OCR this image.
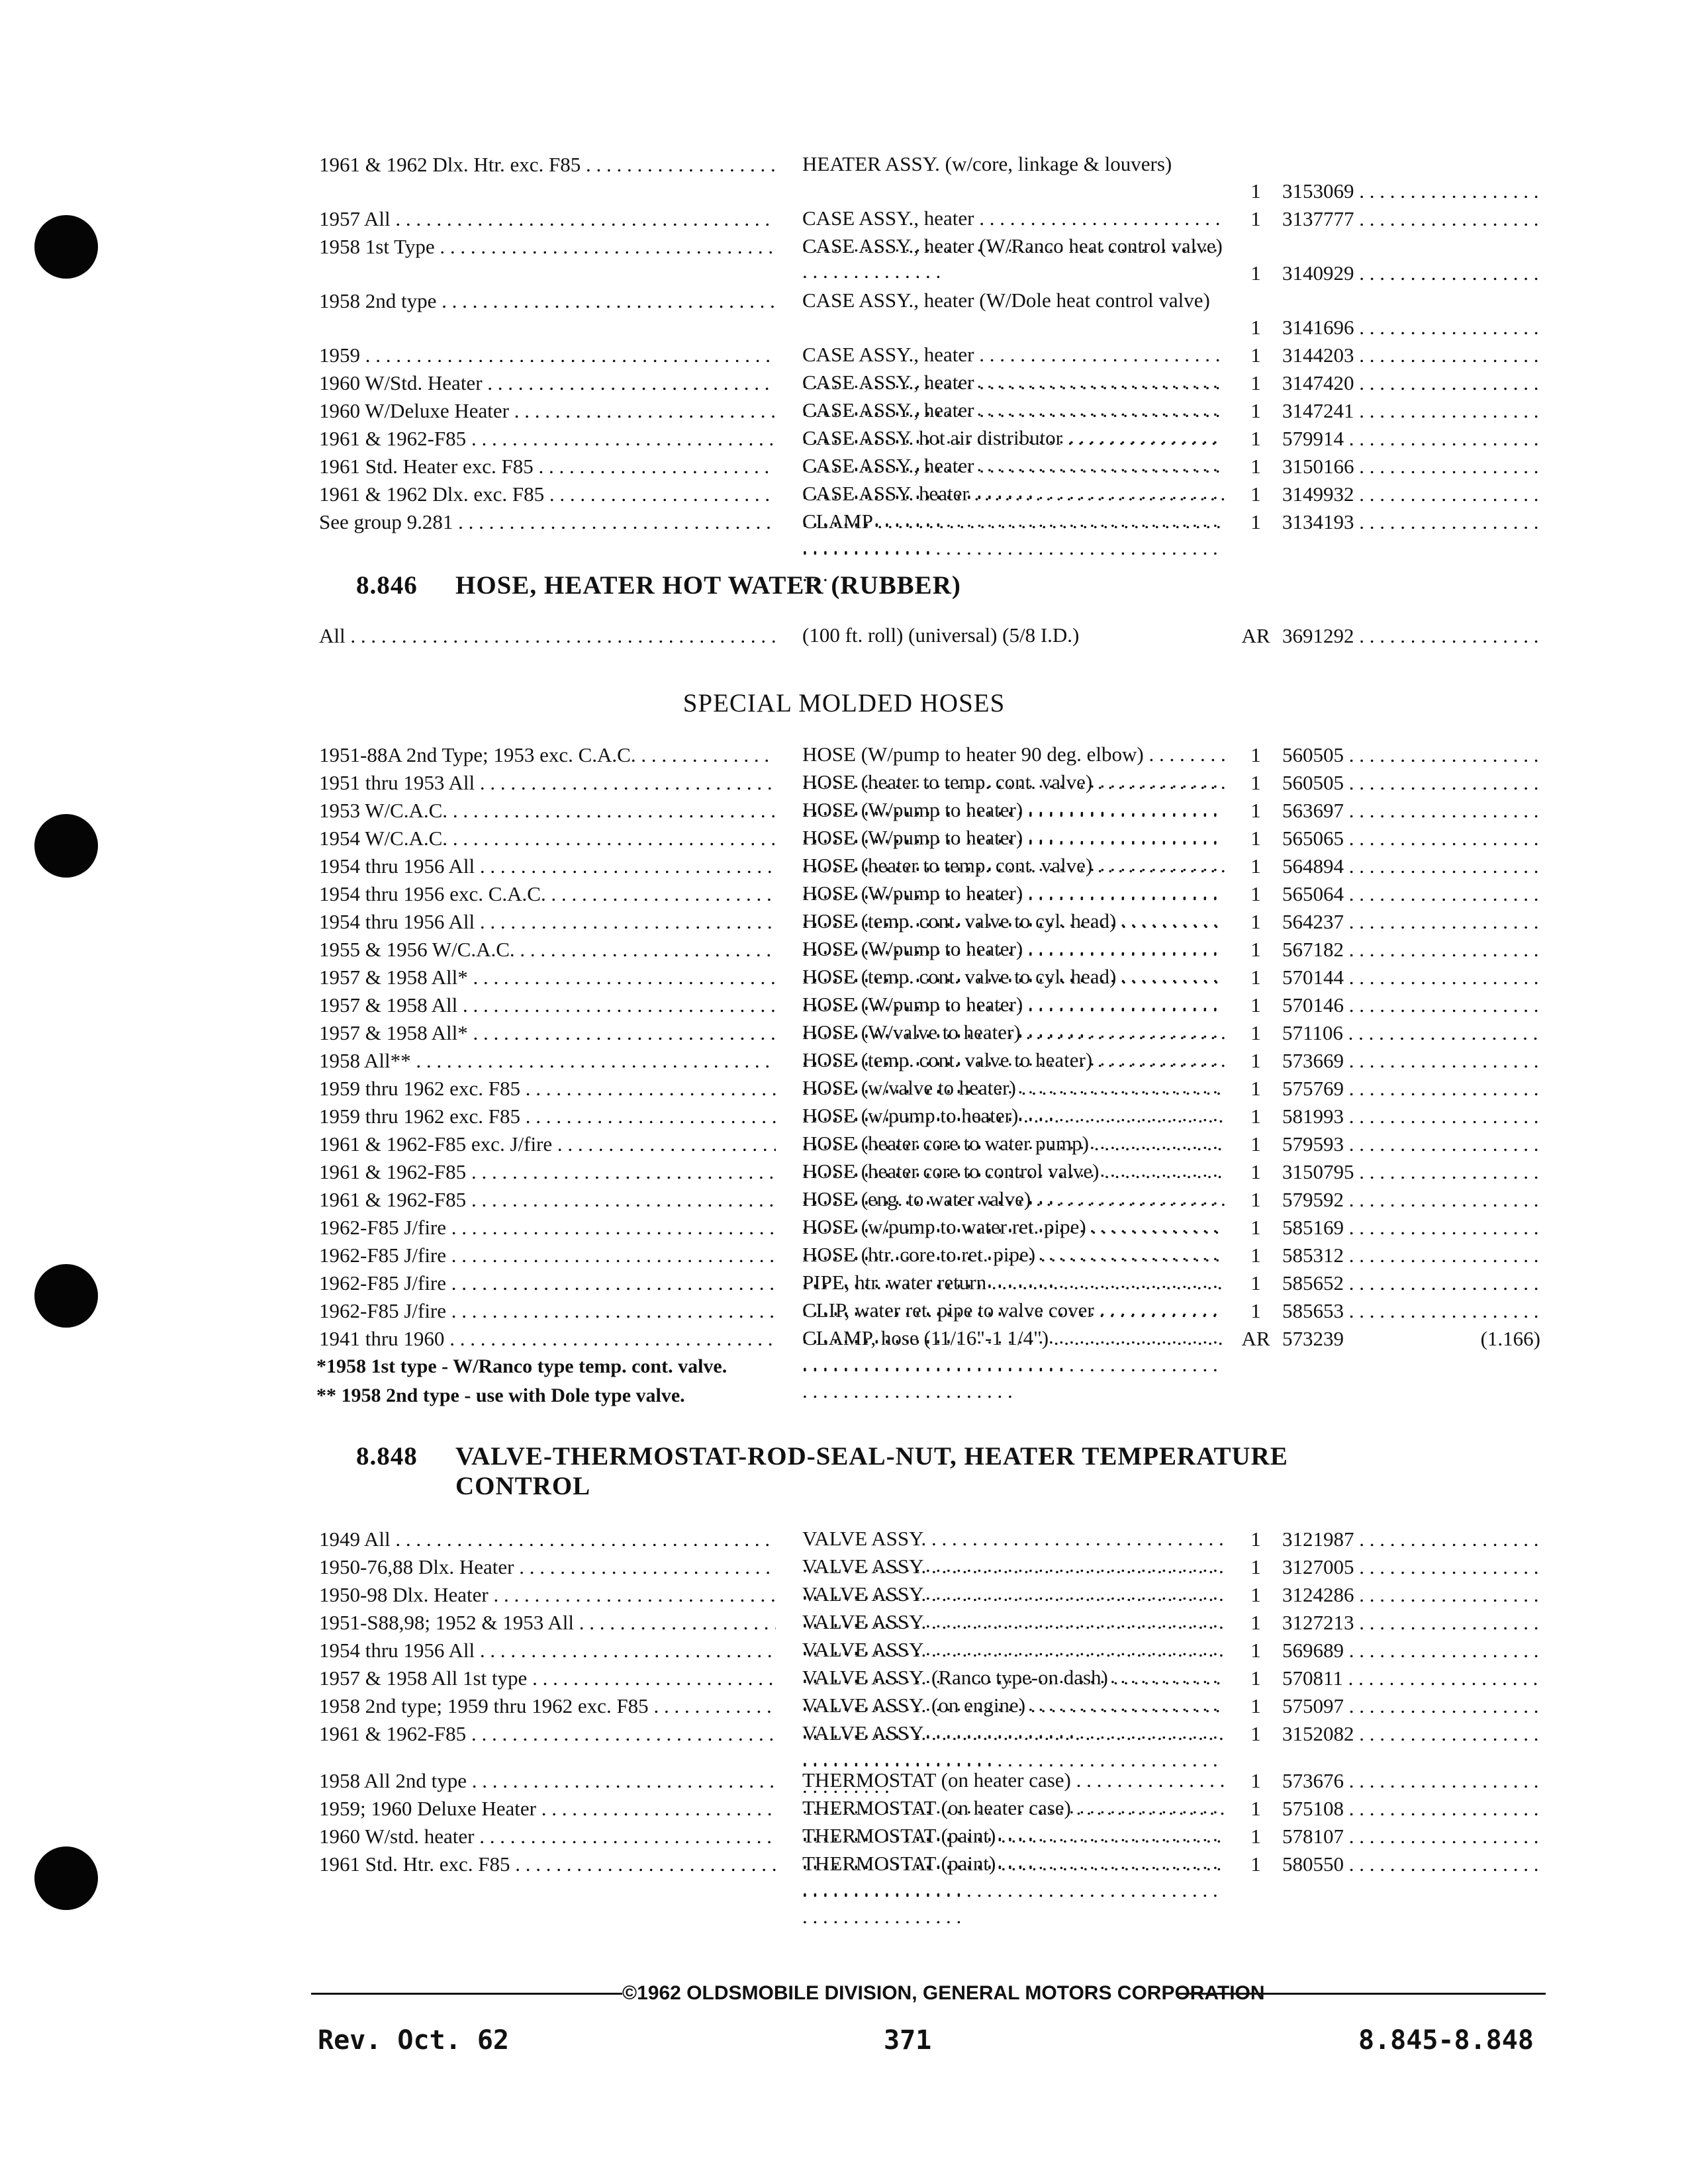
1961 & 1962 Dlx. Htr. exc. F85 . . .	HEATER ASSY. (w/core, linkage & louvers)
1	3153069 . . .
1957 All . . .	CASE ASSY., heater . . .	1	3137777 . . .
1958 1st Type . . .	CASE ASSY., heater (W/Ranco heat control valve)
1	3140929 . . .
1958 2nd type . . .	CASE ASSY., heater (W/Dole heat control valve)
1	3141696 . . .
1959 . . .	CASE ASSY., heater . . .	1	3144203 . . .
1960 W/Std. Heater . . .	CASE ASSY., heater . . .	1	3147420 . . .
1960 W/Deluxe Heater . . .	CASE ASSY., heater . . .	1	3147241 . . .
1961 & 1962-F85 . . .	CASE ASSY. hot air distributor . . .	1	579914 . . .
1961 Std. Heater exc. F85 . . .	CASE ASSY., heater . . .	1	3150166 . . .
1961 & 1962 Dlx. exc. F85 . . .	CASE ASSY. heater . . .	1	3149932 . . .
See group 9.281 . . .	CLAMP . . .	1	3134193 . . .
8.846 HOSE, HEATER HOT WATER (RUBBER)
All . . .	(100 ft. roll) (universal) (5/8 I.D.)	AR 3691292 . . .
SPECIAL MOLDED HOSES
1951-88A 2nd Type; 1953 exc. C.A.C. . . .	HOSE (W/pump to heater 90 deg. elbow) . . .	1	560505 . . .
1951 thru 1953 All . . .	HOSE (heater to temp. cont. valve) . . .	1	560505 . . .
1953 W/C.A.C. . . .	HOSE (W/pump to heater) . . .	1	563697 . . .
1954 W/C.A.C. . . .	HOSE (W/pump to heater) . . .	1	565065 . . .
1954 thru 1956 All . . .	HOSE (heater to temp. cont. valve) . . .	1	564894 . . .
1954 thru 1956 exc. C.A.C. . . .	HOSE (W/pump to heater) . . .	1	565064 . . .
1954 thru 1956 All . . .	HOSE (temp. cont. valve to cyl. head) . . .	1	564237 . . .
1955 & 1956 W/C.A.C. . . .	HOSE (W/pump to heater) . . .	1	567182 . . .
1957 & 1958 All* . . .	HOSE (temp. cont. valve to cyl. head) . . .	1	570144 . . .
1957 & 1958 All . . .	HOSE (W/pump to heater) . . .	1	570146 . . .
1957 & 1958 All* . . .	HOSE (W/valve to heater) . . .	1	571106 . . .
1958 All** . . .	HOSE (temp. cont. valve to heater) . . .	1	573669 . . .
1959 thru 1962 exc. F85 . . .	HOSE (w/valve to heater) . . .	1	575769 . . .
1959 thru 1962 exc. F85 . . .	HOSE (w/pump to heater) . . .	1	581993 . . .
1961 & 1962-F85 exc. J/fire . . .	HOSE (heater core to water pump) . . .	1	579593 . . .
1961 & 1962-F85 . . .	HOSE (heater core to control valve) . . .	1	3150795 . . .
1961 & 1962-F85 . . .	HOSE (eng. to water valve) . . .	1	579592 . . .
1962-F85 J/fire . . .	HOSE (w/pump to water ret. pipe) . . .	1	585169 . . .
1962-F85 J/fire . . .	HOSE (htr. core to ret. pipe) . . .	1	585312 . . .
1962-F85 J/fire . . .	PIPE, htr. water return . . .	1	585652 . . .
1962-F85 J/fire . . .	CLIP, water ret. pipe to valve cover . . .	1	585653 . . .
1941 thru 1960 . . .	CLAMP, hose (11/16"-1 1/4") . . .	AR 573239	(1.166)
*1958 1st type - W/Ranco type temp. cont. valve.
** 1958 2nd type - use with Dole type valve.
8.848 VALVE-THERMOSTAT-ROD-SEAL-NUT, HEATER TEMPERATURE
CONTROL
1949 All . . .	VALVE ASSY. . . .	1	3121987 . . .
1950-76,88 Dlx. Heater . . .	VALVE ASSY. . . .	1	3127005 . . .
1950-98 Dlx. Heater . . .	VALVE ASSY. . . .	1	3124286 . . .
1951-S88,98; 1952 & 1953 All . . .	VALVE ASSY. . . .	1	3127213 . . .
1954 thru 1956 All . . .	VALVE ASSY. . . .	1	569689 . . .
1957 & 1958 All 1st type . . .	VALVE ASSY. (Ranco type-on dash) . . .	1	570811 . . .
1958 2nd type; 1959 thru 1962 exc. F85 . . .	VALVE ASSY. (on engine) . . .	1	575097 . . .
1961 & 1962-F85 . . .	VALVE ASSY. . . .	1	3152082 . . .
1958 All 2nd type . . .	THERMOSTAT (on heater case) . . .	1	573676 . . .
1959; 1960 Deluxe Heater . . .	THERMOSTAT (on heater case) . . .	1	575108 . . .
1960 W/std. heater . . .	THERMOSTAT (paint) . . .	1	578107 . . .
1961 Std. Htr. exc. F85 . . .	THERMOSTAT (paint) . . .	1	580550 . . .
©1962 OLDSMOBILE DIVISION, GENERAL MOTORS CORPORATION
Rev. Oct. 62	371	8.845-8.848
